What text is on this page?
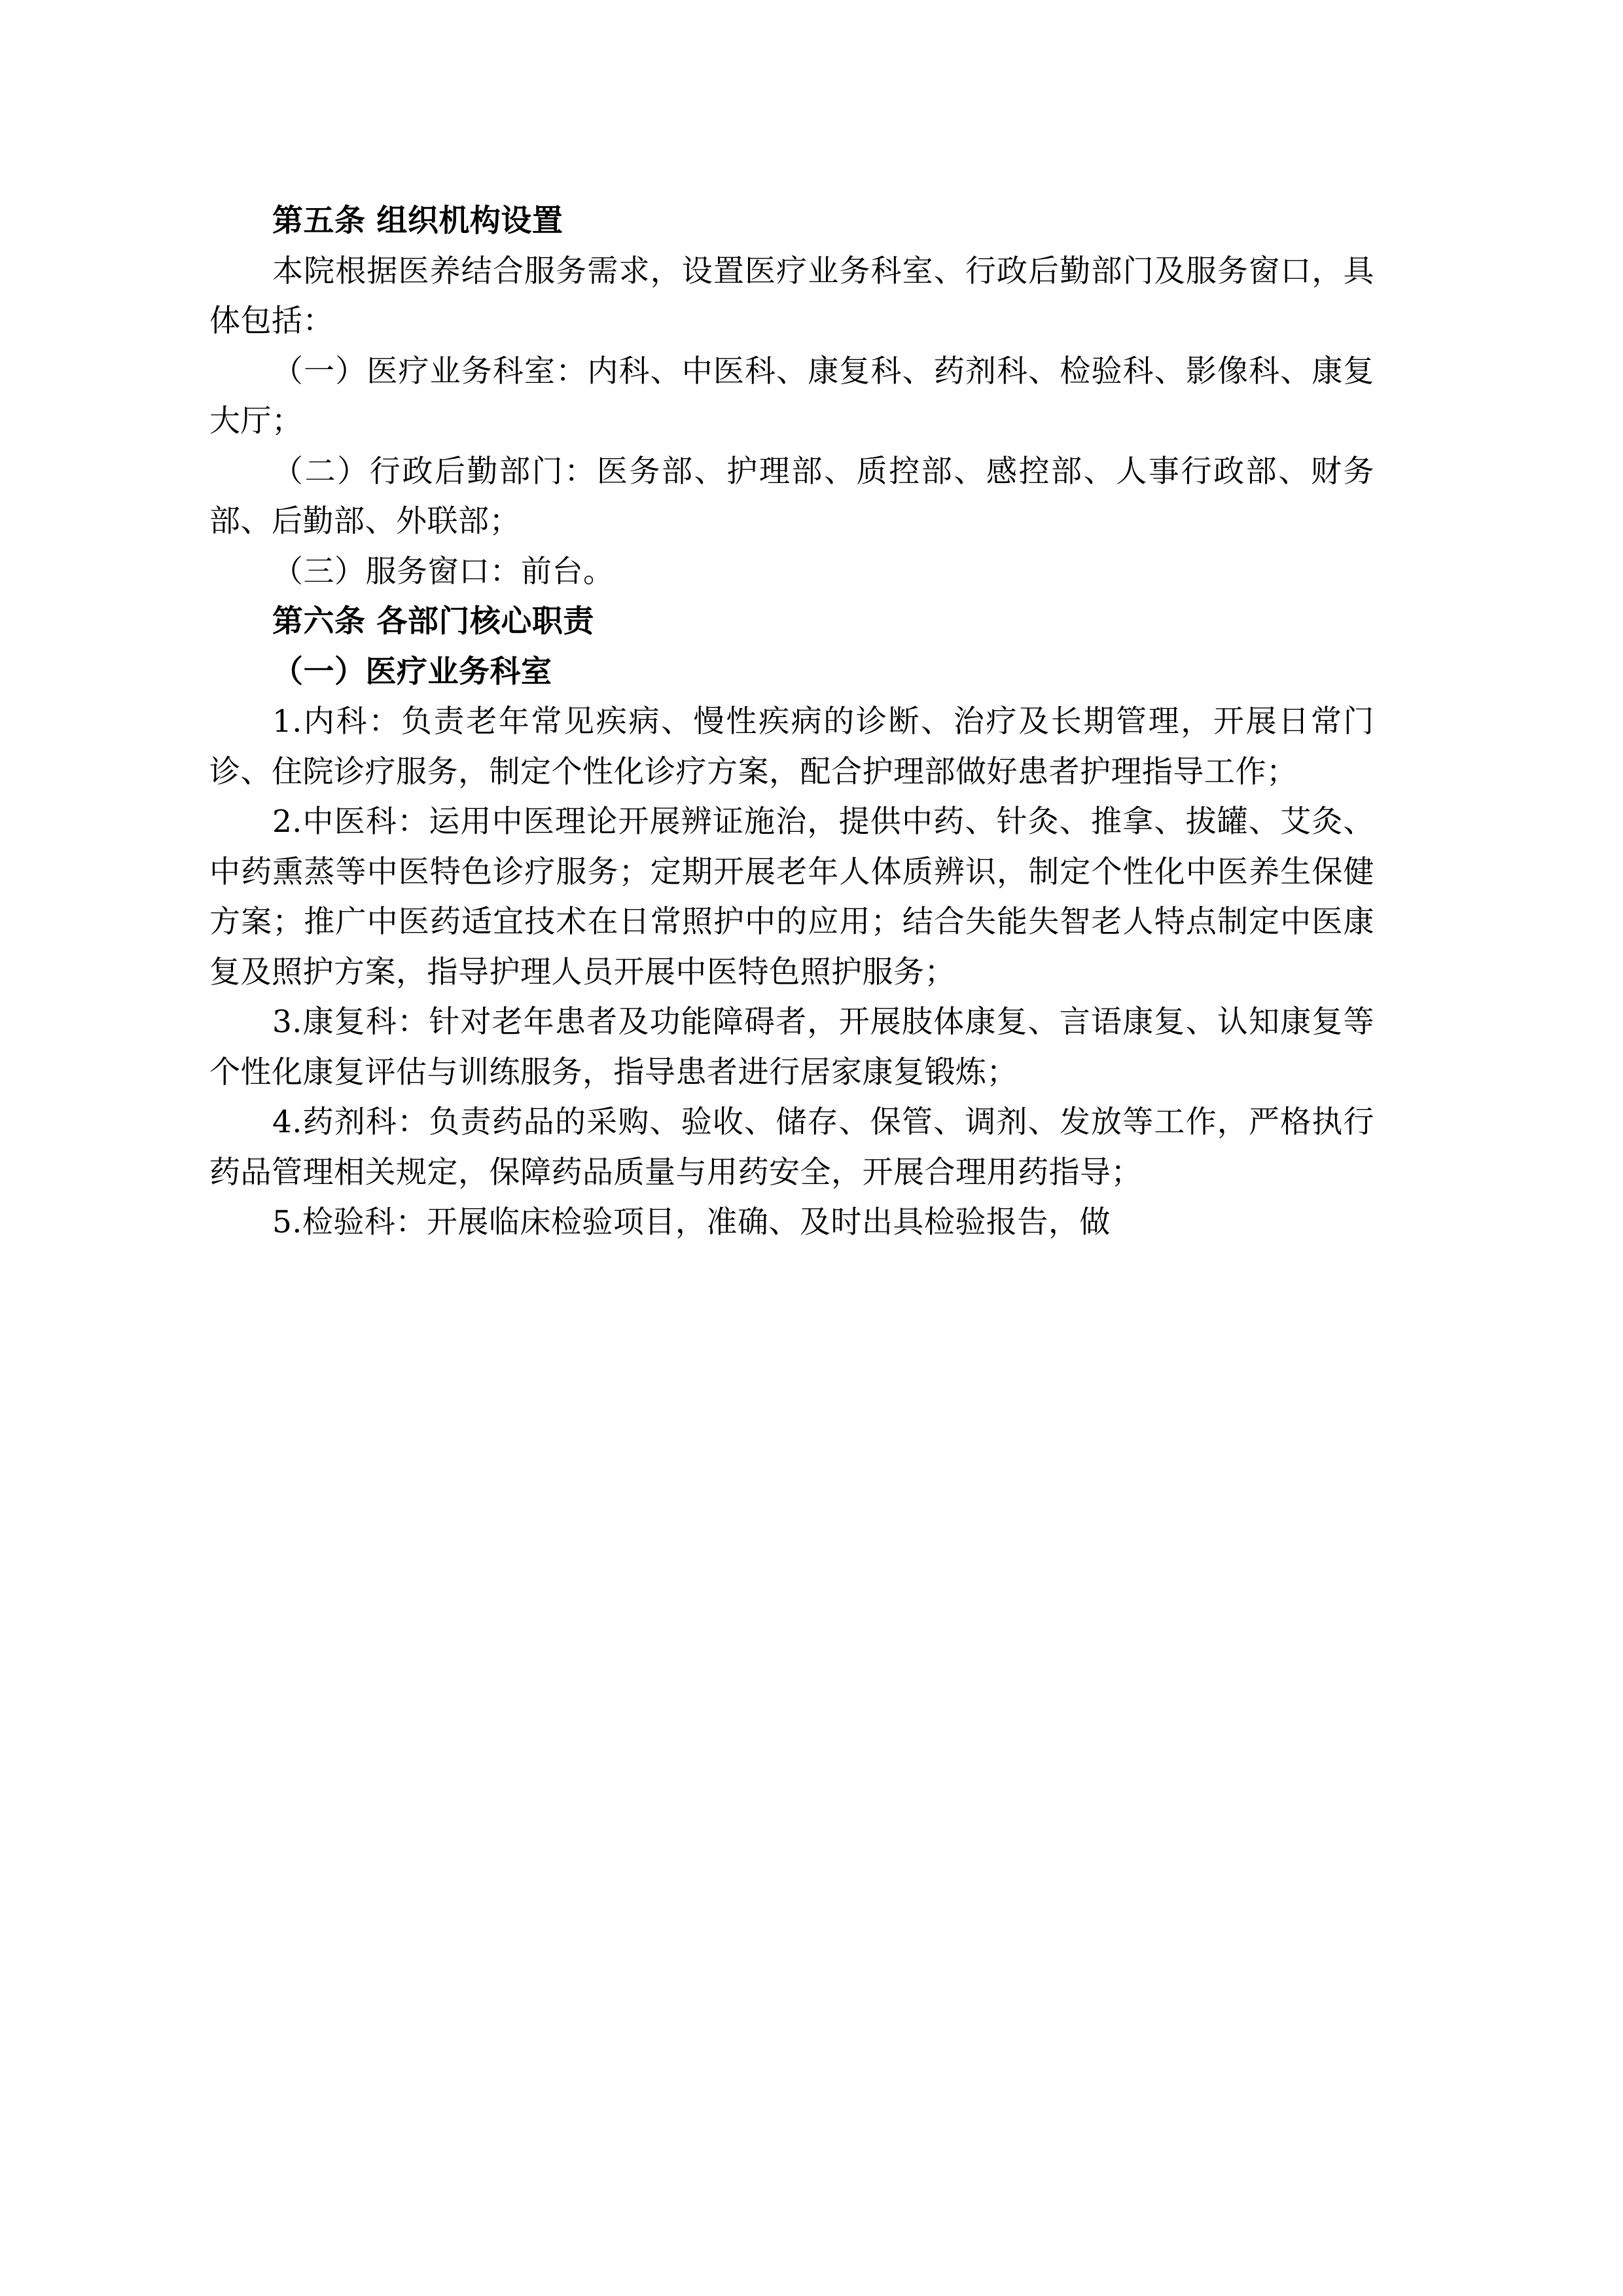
第五条 组织机构设置

本院根据医养结合服务需求，设置医疗业务科室、行政后勤部门及服务窗口，具体包括：

（一）医疗业务科室：内科、中医科、康复科、药剂科、检验科、影像科、康复大厅；

（二）行政后勤部门：医务部、护理部、质控部、感控部、人事行政部、财务部、后勤部、外联部；

（三）服务窗口：前台。

第六条 各部门核心职责

（一）医疗业务科室

1.内科：负责老年常见疾病、慢性疾病的诊断、治疗及长期管理，开展日常门诊、住院诊疗服务，制定个性化诊疗方案，配合护理部做好患者护理指导工作；

2.中医科：运用中医理论开展辨证施治，提供中药、针灸、推拿、拔罐、艾灸、中药熏蒸等中医特色诊疗服务；定期开展老年人体质辨识，制定个性化中医养生保健方案；推广中医药适宜技术在日常照护中的应用；结合失能失智老人特点制定中医康复及照护方案，指导护理人员开展中医特色照护服务；

3.康复科：针对老年患者及功能障碍者，开展肢体康复、言语康复、认知康复等个性化康复评估与训练服务，指导患者进行居家康复锻炼；

4.药剂科：负责药品的采购、验收、储存、保管、调剂、发放等工作，严格执行药品管理相关规定，保障药品质量与用药安全，开展合理用药指导；

5.检验科：开展临床检验项目，准确、及时出具检验报告，做
